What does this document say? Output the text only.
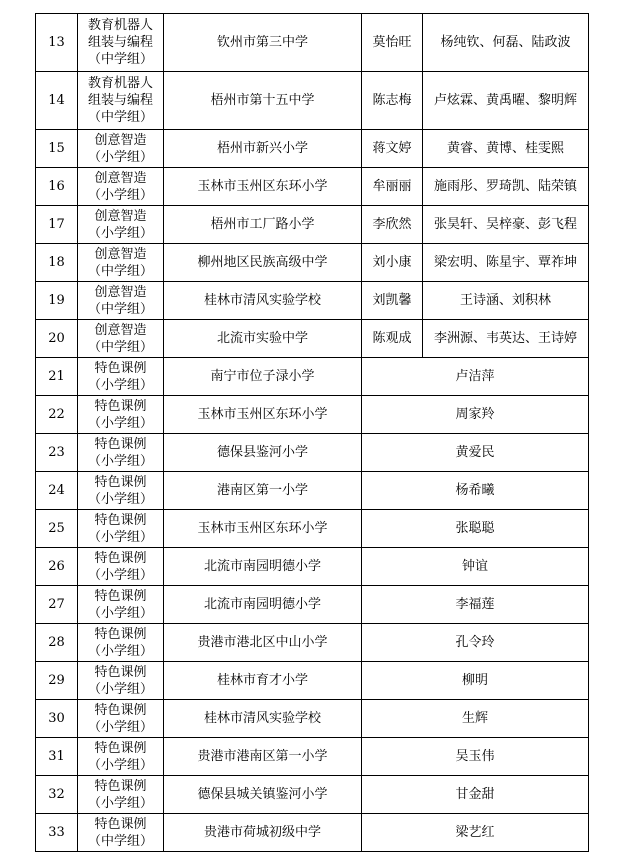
13	教育机器人
组装与编程
（中学组）	钦州市第三中学	莫怡旺	杨纯钦、何磊、陆政波
14	教育机器人
组装与编程
（中学组）	梧州市第十五中学	陈志梅	卢炫霖、黄禹曜、黎明辉
15	创意智造
（小学组）	梧州市新兴小学	蒋文婷	黄睿、黄博、桂雯熙
16	创意智造
（小学组）	玉林市玉州区东环小学	牟丽丽	施雨彤、罗琦凯、陆荣镇
17	创意智造
（小学组）	梧州市工厂路小学	李欣然	张昊轩、吴梓豪、彭飞程
18	创意智造
（中学组）	柳州地区民族高级中学	刘小康	梁宏明、陈星宇、覃祚坤
19	创意智造
（中学组）	桂林市清风实验学校	刘凯馨	王诗涵、刘积林
20	创意智造
（中学组）	北流市实验中学	陈观成	李洲源、韦英达、王诗婷
21	特色课例
（小学组）	南宁市位子渌小学	卢洁萍	
22	特色课例
（小学组）	玉林市玉州区东环小学	周家羚	
23	特色课例
（小学组）	德保县鉴河小学	黄爱民	
24	特色课例
（小学组）	港南区第一小学	杨希曦	
25	特色课例
（小学组）	玉林市玉州区东环小学	张聪聪	
26	特色课例
（小学组）	北流市南园明德小学	钟谊	
27	特色课例
（小学组）	北流市南园明德小学	李福莲	
28	特色课例
（小学组）	贵港市港北区中山小学	孔令玲	
29	特色课例
（小学组）	桂林市育才小学	柳明	
30	特色课例
（小学组）	桂林市清风实验学校	生辉	
31	特色课例
（小学组）	贵港市港南区第一小学	吴玉伟	
32	特色课例
（小学组）	德保县城关镇鉴河小学	甘金甜	
33	特色课例
（中学组）	贵港市荷城初级中学	梁艺红	
